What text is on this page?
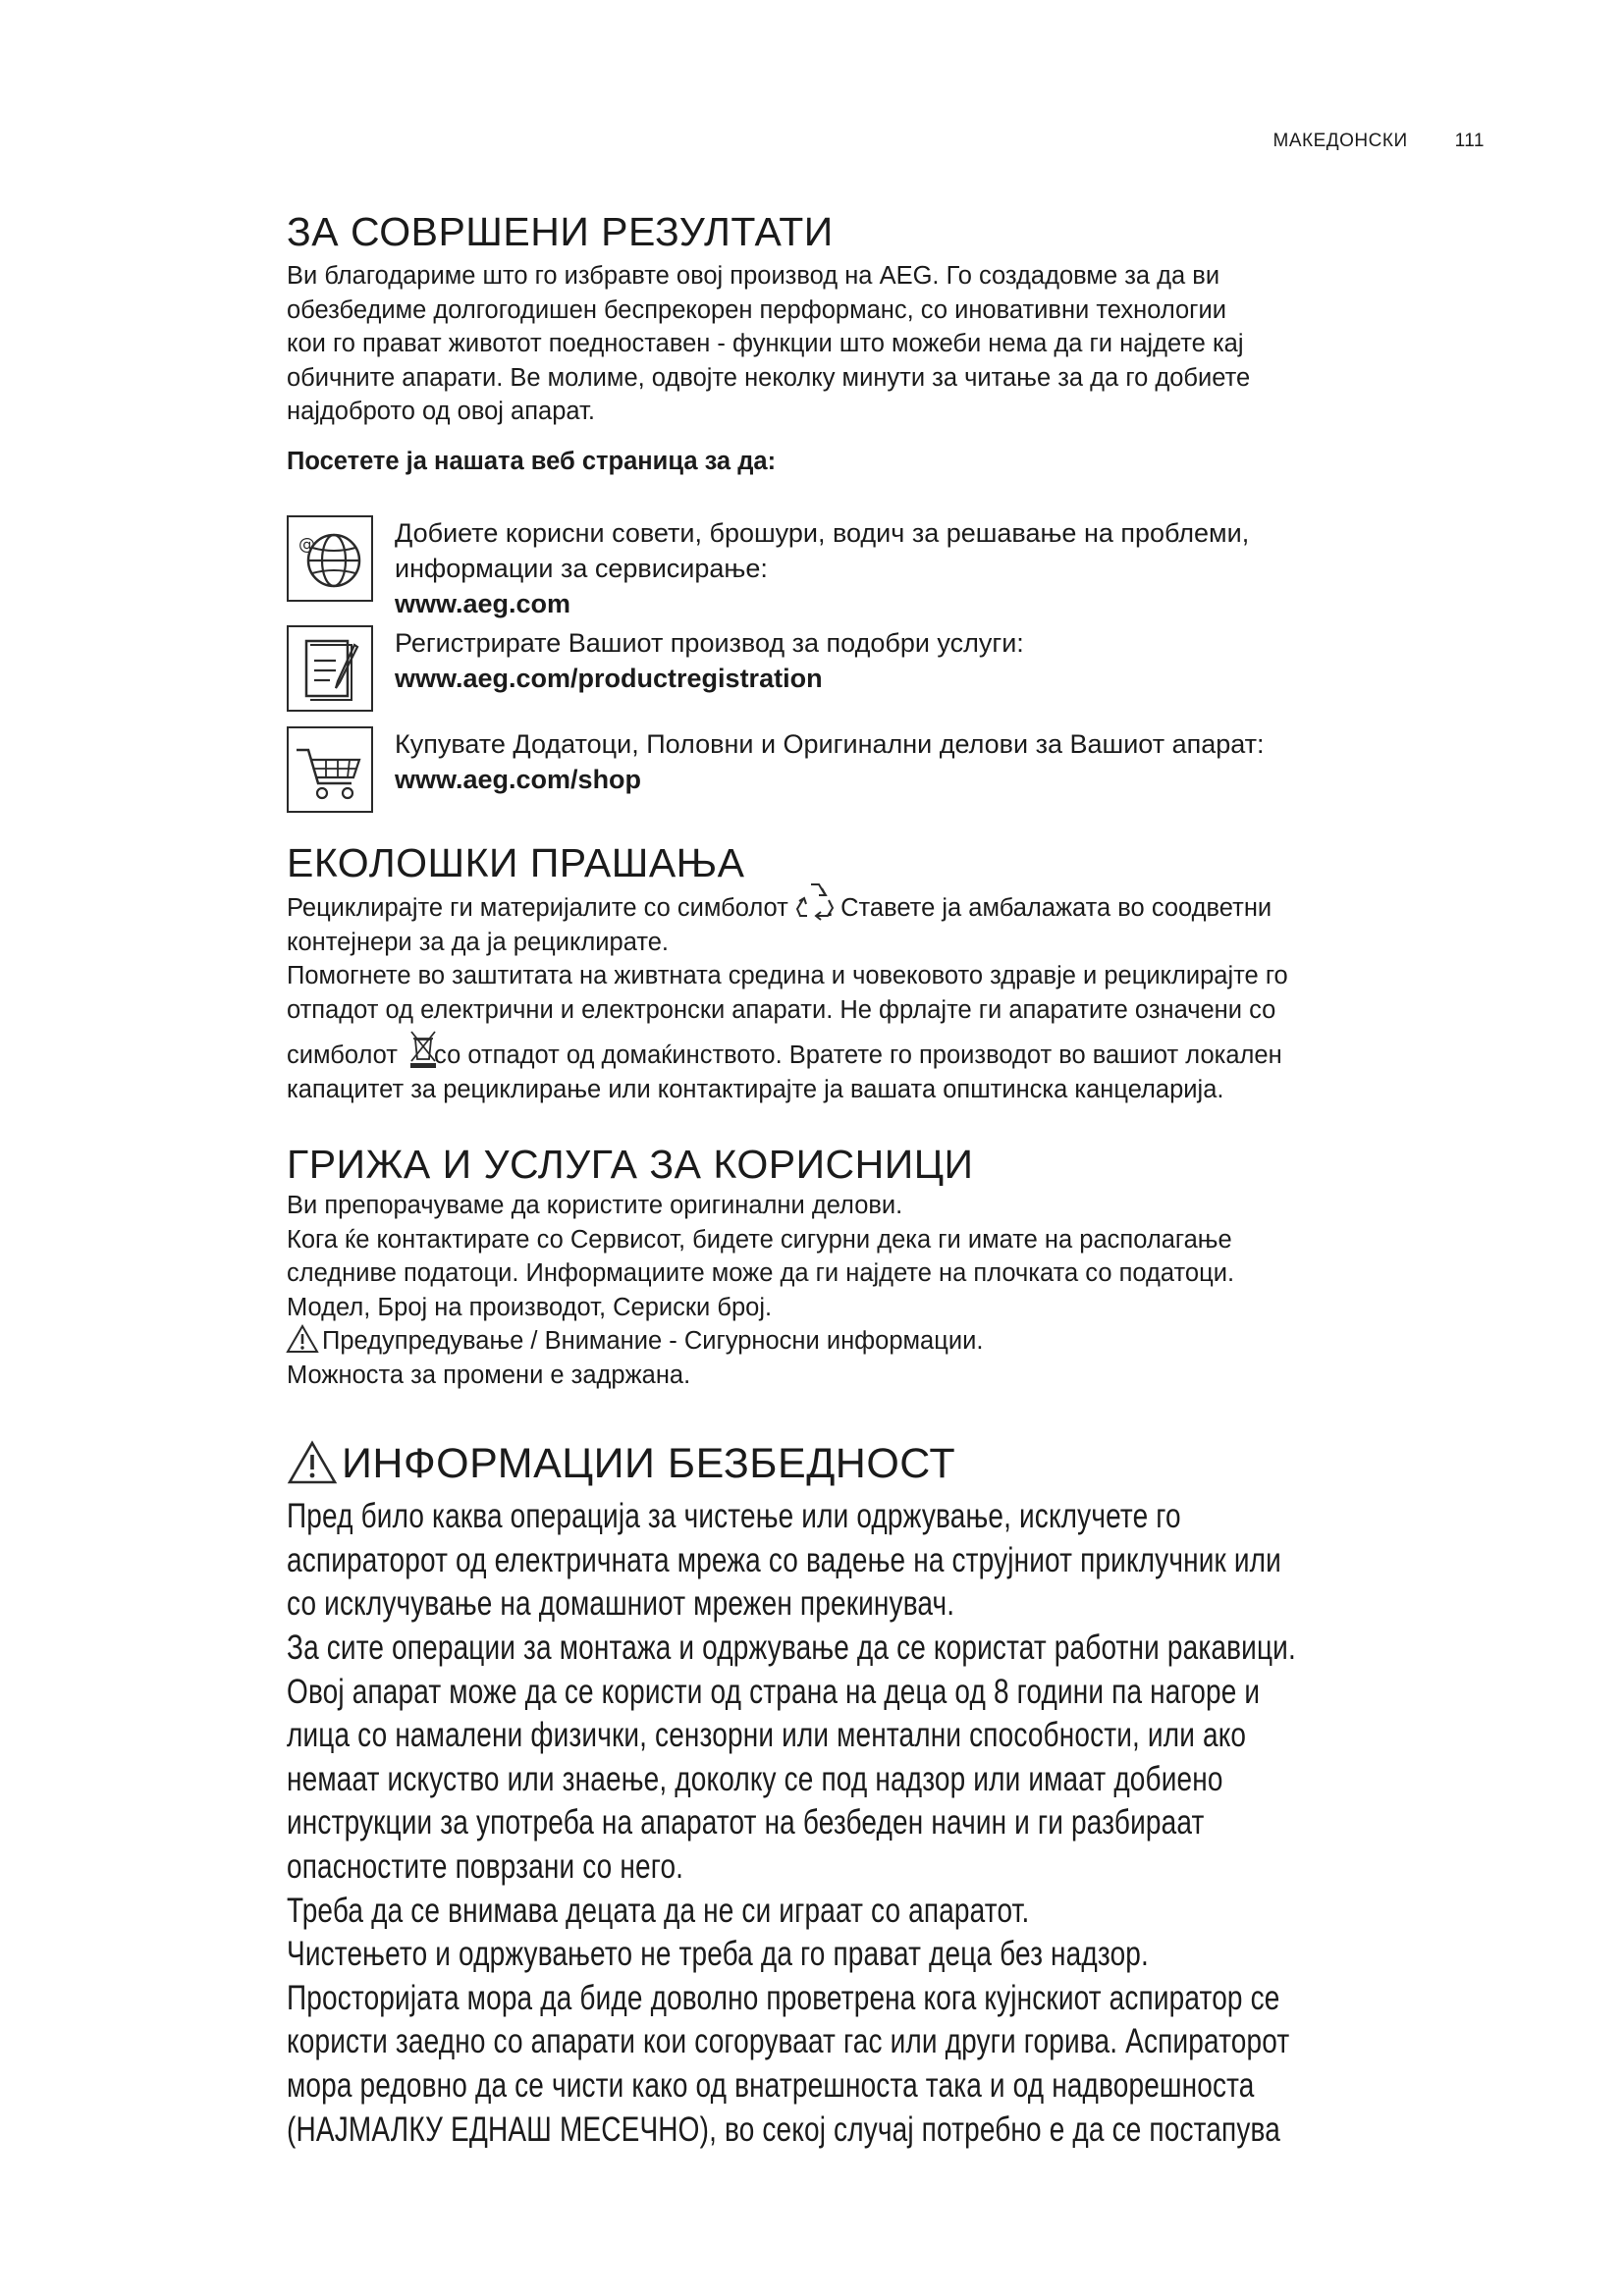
МАКЕДОНСКИ	111
ЗА СОВРШЕНИ РЕЗУЛТАТИ

Ви благодариме што го избравте овој производ на AEG. Го создадовме за да ви

обезбедиме долгогодишен беспрекорен перформанс, со иновативни технологии

кои го прават животот поедноставен - функции што можеби нема да ги најдете кај

обичните апарати. Ве молиме, одвојте неколку минути за читање за да го добиете

најдоброто од овој апарат.

Посетете ја нашата веб страница за да:

@	Добиете корисни совети, брошури, водич за решавање на проблеми,

информации за сервисирање:

www.aeg.com

Регистрирате Вашиот производ за подобри услуги:

www.aeg.com/productregistration

Купувате Додатоци, Половни и Оригинални делови за Вашиот апарат:

www.aeg.com/shop

ЕКОЛОШКИ ПРАШАЊА

Рециклирајте ги материјалите со симболот . Ставете ја амбалажата во соодветни

контејнери за да ја рециклирате.

Помогнете во заштитата на живтната средина и човековото здравје и рециклирајте го

отпадот од електрични и електронски апарати. Не фрлајте ги апаратите означени со

симболот со отпадот од домаќинството. Вратете го производот во вашиот локален

капацитет за рециклирање или контактирајте ја вашата општинска канцеларија.

ГРИЖА И УСЛУГА ЗА КОРИСНИЦИ

Ви препорачуваме да користите оригинални делови.

Кога ќе контактирате со Сервисот, бидете сигурни дека ги имате на располагање

следниве податоци. Информациите може да ги најдете на плочката со податоци.

Модел, Број на производот, Сериски број.

Предупредување / Внимание - Сигурносни информации.

Можноста за промени е задржана.

ИНФОРМАЦИИ БЕЗБЕДНОСТ

Пред било каква операција за чистење или одржување, исклучете го

аспираторот од електричната мрежа со вадење на струјниот приклучник или

со исклучување на домашниот мрежен прекинувач.

За сите операции за монтажа и одржување да се користат работни ракавици.

Овој апарат може да се користи од страна на деца од 8 години па нагоре и

лица со намалени физички, сензорни или ментални способности, или ако

немаат искуство или знаење, доколку се под надзор или имаат добиено

инструкции за употреба на апаратот на безбеден начин и ги разбираат

опасностите поврзани со него.

Треба да се внимава децата да не си играат со апаратот.

Чистењето и одржувањето не треба да го прават деца без надзор.

Просторијата мора да биде доволно проветрена кога кујнскиот аспиратор се

користи заедно со апарати кои согоруваат гас или други горива. Аспираторот

мора редовно да се чисти како од внатрешноста така и од надворешноста

(НАЈМАЛКУ ЕДНАШ МЕСЕЧНО), во секој случај потребно е да се постапува
